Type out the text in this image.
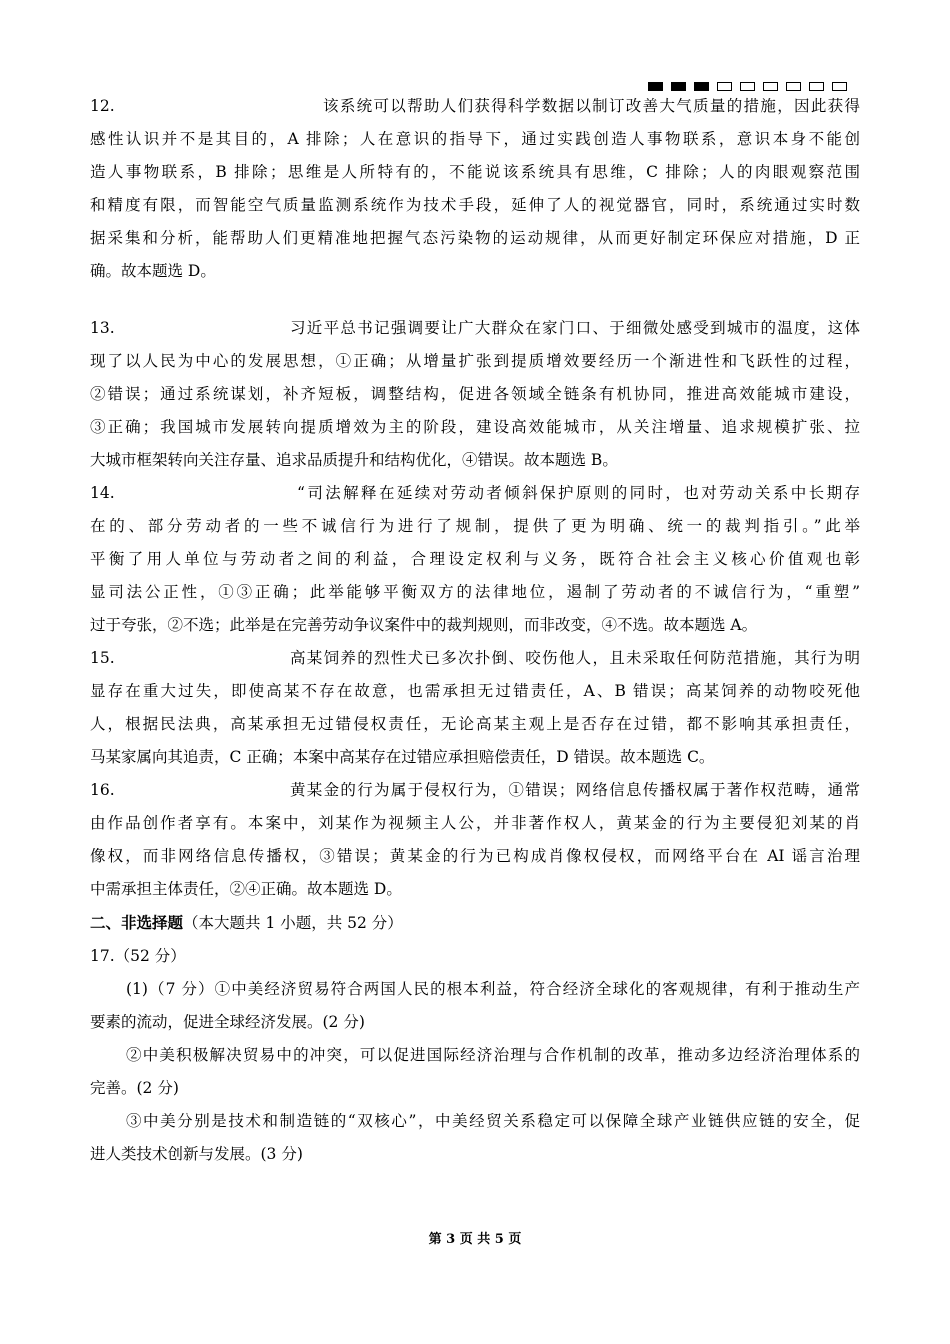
12.	该系统可以帮助人们获得科学数据以制订改善大气质量的措施，因此获得
感性认识并不是其目的，A 排除；人在意识的指导下，通过实践创造人事物联系，意识本身不能创
造人事物联系，B 排除；思维是人所特有的，不能说该系统具有思维，C 排除；人的肉眼观察范围
和精度有限，而智能空气质量监测系统作为技术手段，延伸了人的视觉器官，同时，系统通过实时数
据采集和分析，能帮助人们更精准地把握气态污染物的运动规律，从而更好制定环保应对措施，D 正
确。故本题选 D。
13.	习近平总书记强调要让广大群众在家门口、于细微处感受到城市的温度，这体
现了以人民为中心的发展思想，①正确；从增量扩张到提质增效要经历一个渐进性和飞跃性的过程，
②错误；通过系统谋划，补齐短板，调整结构，促进各领域全链条有机协同，推进高效能城市建设，
③正确；我国城市发展转向提质增效为主的阶段，建设高效能城市，从关注增量、追求规模扩张、拉
大城市框架转向关注存量、追求品质提升和结构优化，④错误。故本题选 B。
14.	“司法解释在延续对劳动者倾斜保护原则的同时，也对劳动关系中长期存
在的、部分劳动者的一些不诚信行为进行了规制，提供了更为明确、统一的裁判指引。”此举
平衡了用人单位与劳动者之间的利益，合理设定权利与义务，既符合社会主义核心价值观也彰
显司法公正性，①③正确；此举能够平衡双方的法律地位，遏制了劳动者的不诚信行为，“重塑”
过于夸张，②不选；此举是在完善劳动争议案件中的裁判规则，而非改变，④不选。故本题选 A。
15.	高某饲养的烈性犬已多次扑倒、咬伤他人，且未采取任何防范措施，其行为明
显存在重大过失，即使高某不存在故意，也需承担无过错责任，A、B 错误；高某饲养的动物咬死他
人，根据民法典，高某承担无过错侵权责任，无论高某主观上是否存在过错，都不影响其承担责任，
马某家属向其追责，C 正确；本案中高某存在过错应承担赔偿责任，D 错误。故本题选 C。
16.	黄某金的行为属于侵权行为，①错误；网络信息传播权属于著作权范畴，通常
由作品创作者享有。本案中，刘某作为视频主人公，并非著作权人，黄某金的行为主要侵犯刘某的肖
像权，而非网络信息传播权，③错误；黄某金的行为已构成肖像权侵权，而网络平台在 AI 谣言治理
中需承担主体责任，②④正确。故本题选 D。
二、非选择题（本大题共 1 小题，共 52 分）
17.（52 分）
(1)（7 分）①中美经济贸易符合两国人民的根本利益，符合经济全球化的客观规律，有利于推动生产
要素的流动，促进全球经济发展。(2 分)
②中美积极解决贸易中的冲突，可以促进国际经济治理与合作机制的改革，推动多边经济治理体系的
完善。(2 分)
③中美分别是技术和制造链的“双核心”，中美经贸关系稳定可以保障全球产业链供应链的安全，促
进人类技术创新与发展。(3 分)
第 3 页 共 5 页
